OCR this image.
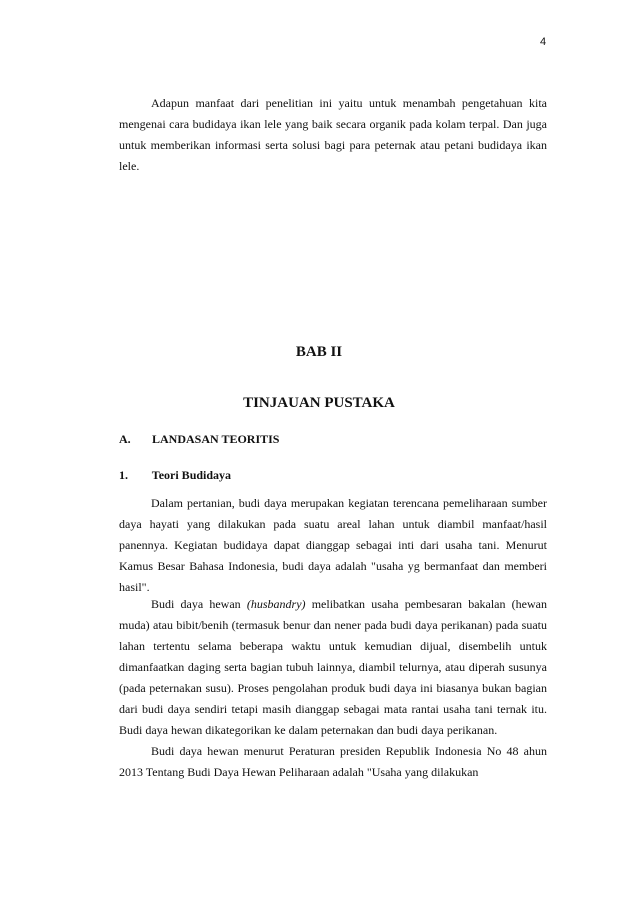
4

Adapun manfaat dari penelitian ini yaitu untuk menambah pengetahuan kita mengenai cara budidaya ikan lele yang baik secara organik pada kolam terpal. Dan juga untuk memberikan informasi serta solusi bagi para peternak atau petani budidaya ikan lele.

BAB II
TINJAUAN PUSTAKA
A. LANDASAN TEORITIS
1. Teori Budidaya

Dalam pertanian, budi daya merupakan kegiatan terencana pemeliharaan sumber daya hayati yang dilakukan pada suatu areal lahan untuk diambil manfaat/hasil panennya. Kegiatan budidaya dapat dianggap sebagai inti dari usaha tani. Menurut Kamus Besar Bahasa Indonesia, budi daya adalah "usaha yg bermanfaat dan memberi hasil".

Budi daya hewan (husbandry) melibatkan usaha pembesaran bakalan (hewan muda) atau bibit/benih (termasuk benur dan nener pada budi daya perikanan) pada suatu lahan tertentu selama beberapa waktu untuk kemudian dijual, disembelih untuk dimanfaatkan daging serta bagian tubuh lainnya, diambil telurnya, atau diperah susunya (pada peternakan susu). Proses pengolahan produk budi daya ini biasanya bukan bagian dari budi daya sendiri tetapi masih dianggap sebagai mata rantai usaha tani ternak itu. Budi daya hewan dikategorikan ke dalam peternakan dan budi daya perikanan.

Budi daya hewan menurut Peraturan presiden Republik Indonesia No 48 ahun 2013 Tentang Budi Daya Hewan Peliharaan adalah "Usaha yang dilakukan
